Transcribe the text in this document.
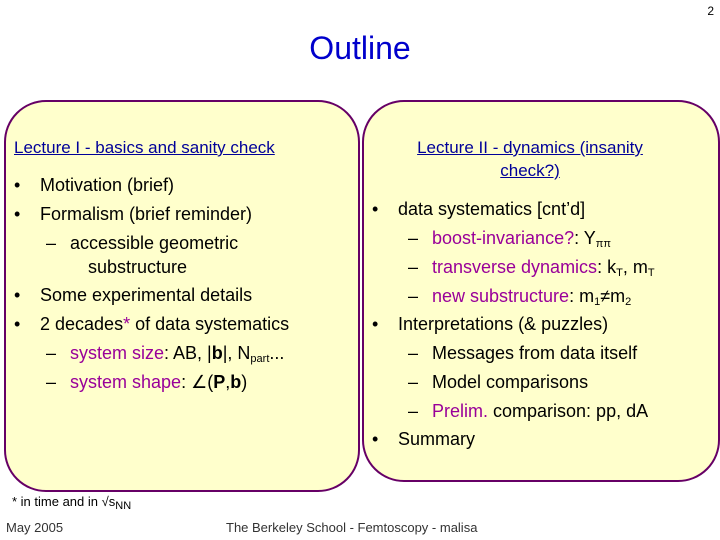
2
Outline
Lecture I - basics and sanity check	Lecture II - dynamics (insanity check?)
• Motivation (brief)
• Formalism (brief reminder)
– accessible geometric
substructure
• Some experimental details
• 2 decades* of data systematics
– system size: AB, |b|, $N_{part}$...
– system shape: ∠(P,b)
• data systematics [cnt’d]
– boost-invariance?: $Y_{\pi\pi}$
– transverse dynamics: $k_T$, $m_T$
– new substructure: $m_1\ne m_2$
• Interpretations (& puzzles)
– Messages from data itself
– Model comparisons
– Prelim. comparison: pp, dA
• Summary
* in time and in $√s_{NN}$
May 2005	The Berkeley School - Femtoscopy - malisa
